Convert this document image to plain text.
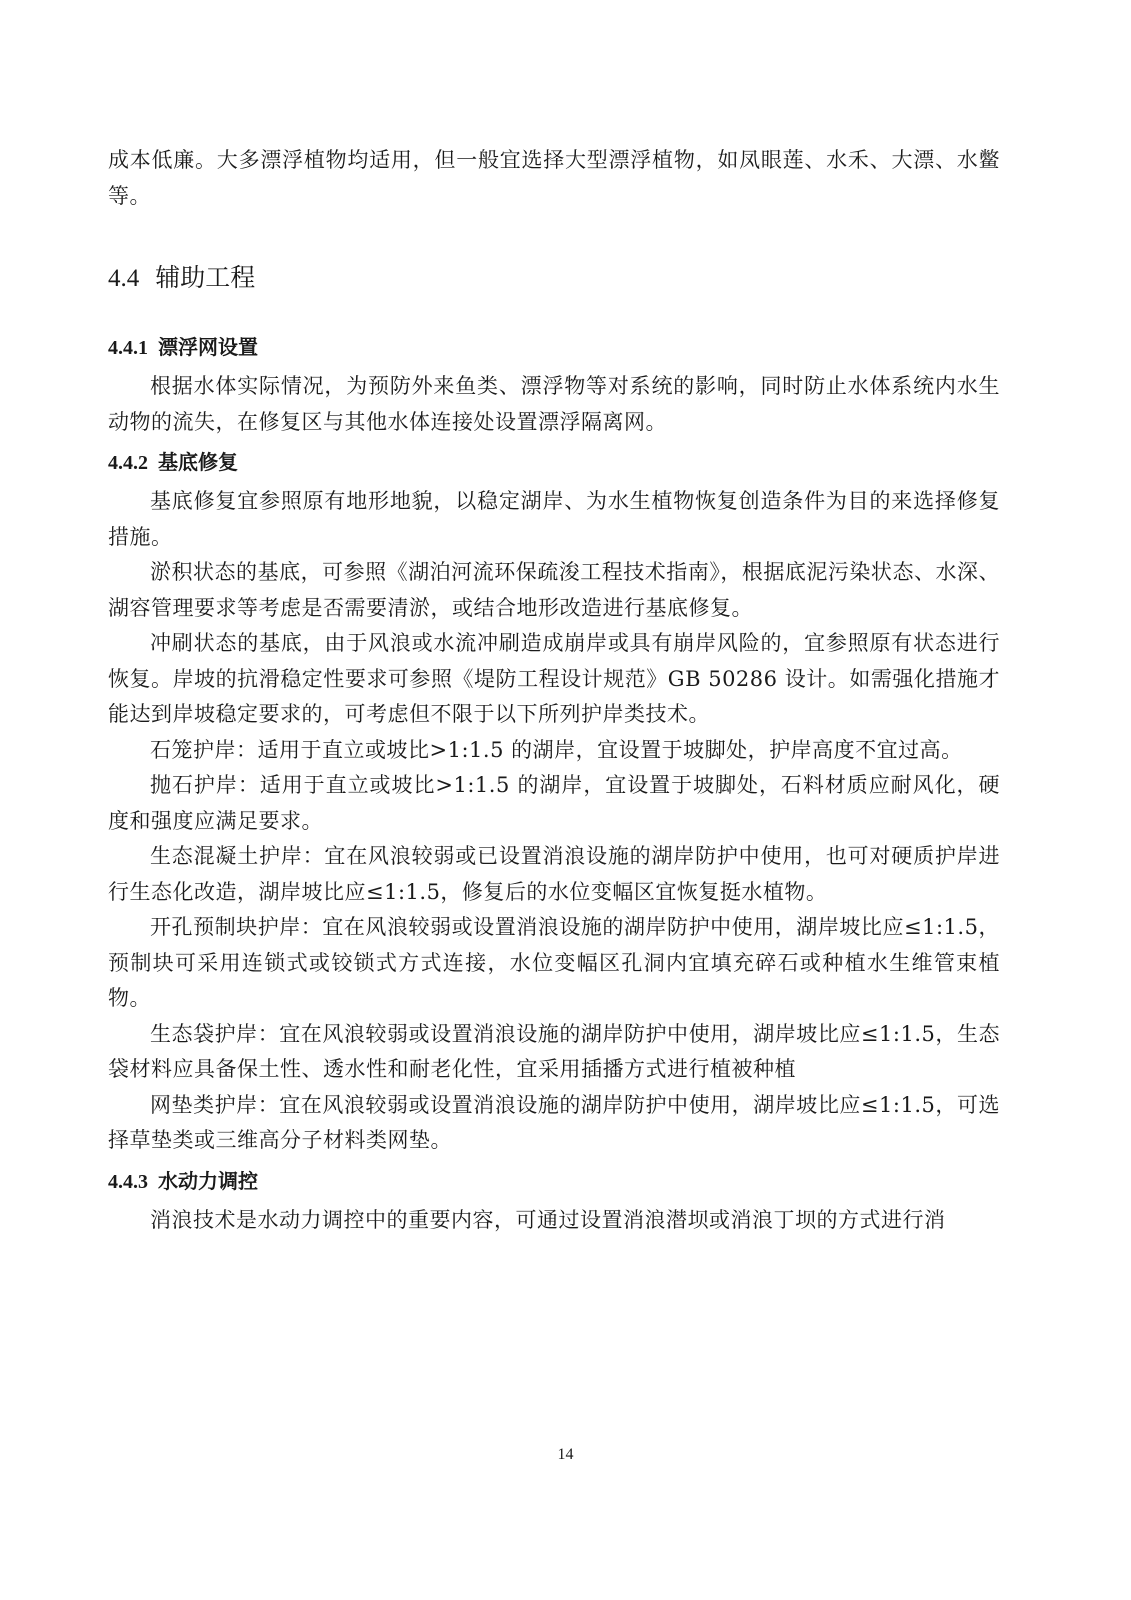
成本低廉。大多漂浮植物均适用，但一般宜选择大型漂浮植物，如凤眼莲、水禾、大漂、水鳖等。

4.4 辅助工程
4.4.1 漂浮网设置

根据水体实际情况，为预防外来鱼类、漂浮物等对系统的影响，同时防止水体系统内水生动物的流失，在修复区与其他水体连接处设置漂浮隔离网。

4.4.2 基底修复

基底修复宜参照原有地形地貌，以稳定湖岸、为水生植物恢复创造条件为目的来选择修复措施。

淤积状态的基底，可参照《湖泊河流环保疏浚工程技术指南》，根据底泥污染状态、水深、湖容管理要求等考虑是否需要清淤，或结合地形改造进行基底修复。

冲刷状态的基底，由于风浪或水流冲刷造成崩岸或具有崩岸风险的，宜参照原有状态进行恢复。岸坡的抗滑稳定性要求可参照《堤防工程设计规范》GB 50286 设计。如需强化措施才能达到岸坡稳定要求的，可考虑但不限于以下所列护岸类技术。

石笼护岸：适用于直立或坡比>1:1.5 的湖岸，宜设置于坡脚处，护岸高度不宜过高。

抛石护岸：适用于直立或坡比>1:1.5 的湖岸，宜设置于坡脚处，石料材质应耐风化，硬度和强度应满足要求。

生态混凝土护岸：宜在风浪较弱或已设置消浪设施的湖岸防护中使用，也可对硬质护岸进行生态化改造，湖岸坡比应≤1:1.5，修复后的水位变幅区宜恢复挺水植物。

开孔预制块护岸：宜在风浪较弱或设置消浪设施的湖岸防护中使用，湖岸坡比应≤1:1.5，预制块可采用连锁式或铰锁式方式连接，水位变幅区孔洞内宜填充碎石或种植水生维管束植物。

生态袋护岸：宜在风浪较弱或设置消浪设施的湖岸防护中使用，湖岸坡比应≤1:1.5，生态袋材料应具备保土性、透水性和耐老化性，宜采用插播方式进行植被种植

网垫类护岸：宜在风浪较弱或设置消浪设施的湖岸防护中使用，湖岸坡比应≤1:1.5，可选择草垫类或三维高分子材料类网垫。

4.4.3 水动力调控

消浪技术是水动力调控中的重要内容，可通过设置消浪潜坝或消浪丁坝的方式进行消

14
